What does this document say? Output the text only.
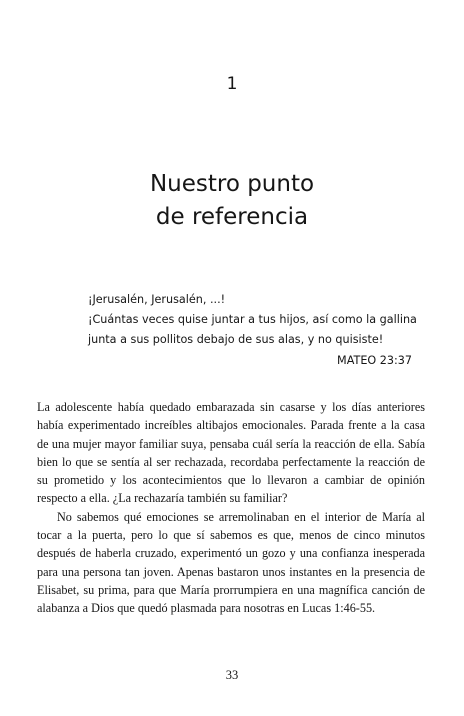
1
Nuestro punto
de referencia
¡Jerusalén, Jerusalén, ...!
¡Cuántas veces quise juntar a tus hijos, así como la gallina
junta a sus pollitos debajo de sus alas, y no quisiste!
MATEO 23:37

La adolescente había quedado embarazada sin casarse y los días anteriores había experimentado increíbles altibajos emocionales. Parada frente a la casa de una mujer mayor familiar suya, pensaba cuál sería la reacción de ella. Sabía bien lo que se sentía al ser rechazada, recordaba perfectamente la reacción de su prometido y los acontecimientos que lo llevaron a cambiar de opinión respecto a ella. ¿La rechazaría también su familiar?

No sabemos qué emociones se arremolinaban en el interior de María al tocar a la puerta, pero lo que sí sabemos es que, menos de cinco minutos después de haberla cruzado, experimentó un gozo y una confianza inesperada para una persona tan joven. Apenas bastaron unos instantes en la presencia de Elisabet, su prima, para que María prorrumpiera en una magnífica canción de alabanza a Dios que quedó plasmada para nosotras en Lucas 1:46-55.

33
